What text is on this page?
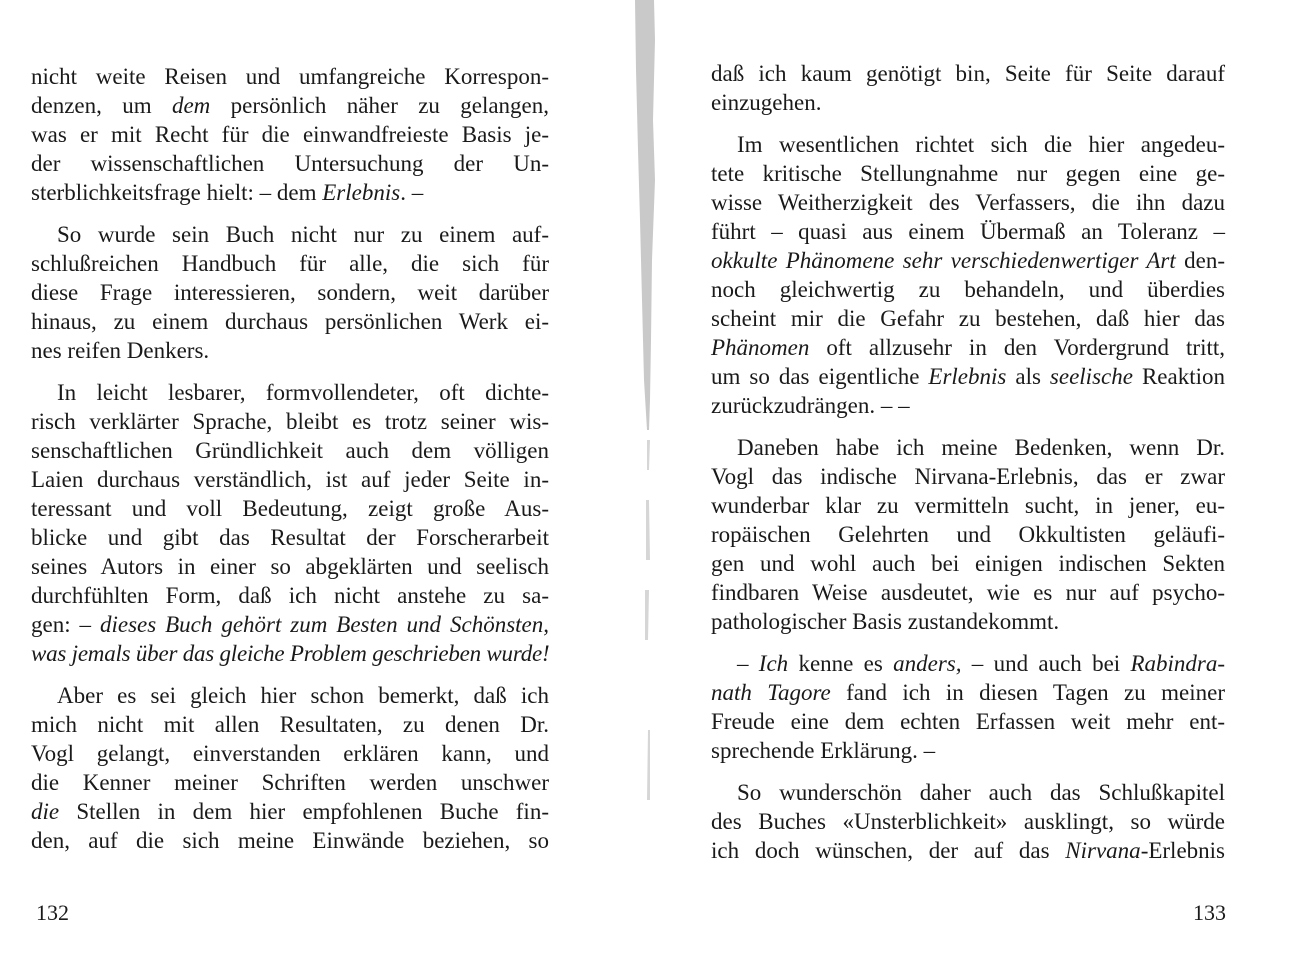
nicht weite Reisen und umfangreiche Korrespon-
denzen, um dem persönlich näher zu gelangen,
was er mit Recht für die einwandfreieste Basis je-
der wissenschaftlichen Untersuchung der Un-
sterblichkeitsfrage hielt: – dem Erlebnis. –
So wurde sein Buch nicht nur zu einem auf-
schlußreichen Handbuch für alle, die sich für
diese Frage interessieren, sondern, weit darüber
hinaus, zu einem durchaus persönlichen Werk ei-
nes reifen Denkers.
In leicht lesbarer, formvollendeter, oft dichte-
risch verklärter Sprache, bleibt es trotz seiner wis-
senschaftlichen Gründlichkeit auch dem völligen
Laien durchaus verständlich, ist auf jeder Seite in-
teressant und voll Bedeutung, zeigt große Aus-
blicke und gibt das Resultat der Forscherarbeit
seines Autors in einer so abgeklärten und seelisch
durchfühlten Form, daß ich nicht anstehe zu sa-
gen: – dieses Buch gehört zum Besten und Schönsten,
was jemals über das gleiche Problem geschrieben wurde!
Aber es sei gleich hier schon bemerkt, daß ich
mich nicht mit allen Resultaten, zu denen Dr.
Vogl gelangt, einverstanden erklären kann, und
die Kenner meiner Schriften werden unschwer
die Stellen in dem hier empfohlenen Buche fin-
den, auf die sich meine Einwände beziehen, so
132
daß ich kaum genötigt bin, Seite für Seite darauf
einzugehen.
Im wesentlichen richtet sich die hier angedeu-
tete kritische Stellungnahme nur gegen eine ge-
wisse Weitherzigkeit des Verfassers, die ihn dazu
führt – quasi aus einem Übermaß an Toleranz –
okkulte Phänomene sehr verschiedenwertiger Art den-
noch gleichwertig zu behandeln, und überdies
scheint mir die Gefahr zu bestehen, daß hier das
Phänomen oft allzusehr in den Vordergrund tritt,
um so das eigentliche Erlebnis als seelische Reaktion
zurückzudrängen. – –
Daneben habe ich meine Bedenken, wenn Dr.
Vogl das indische Nirvana-Erlebnis, das er zwar
wunderbar klar zu vermitteln sucht, in jener, eu-
ropäischen Gelehrten und Okkultisten geläufi-
gen und wohl auch bei einigen indischen Sekten
findbaren Weise ausdeutet, wie es nur auf psycho-
pathologischer Basis zustandekommt.
– Ich kenne es anders, – und auch bei Rabindra-
nath Tagore fand ich in diesen Tagen zu meiner
Freude eine dem echten Erfassen weit mehr ent-
sprechende Erklärung. –
So wunderschön daher auch das Schlußkapitel
des Buches «Unsterblichkeit» ausklingt, so würde
ich doch wünschen, der auf das Nirvana-Erlebnis
133
